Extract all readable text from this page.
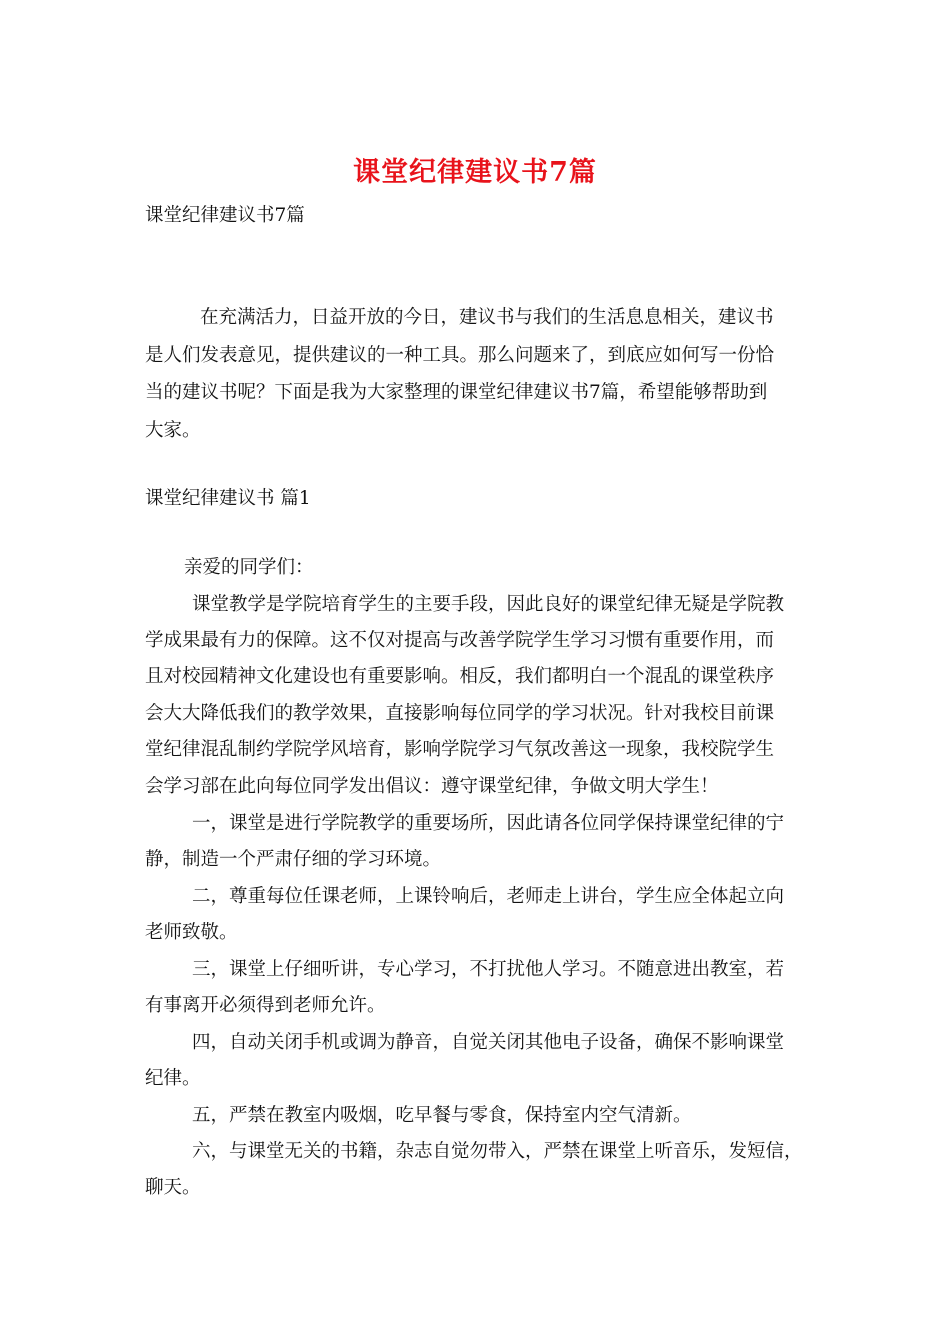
课堂纪律建议书7篇

课堂纪律建议书7篇

在充满活力，日益开放的今日，建议书与我们的生活息息相关，建议书

是人们发表意见，提供建议的一种工具。那么问题来了，到底应如何写一份恰

当的建议书呢？下面是我为大家整理的课堂纪律建议书7篇，希望能够帮助到

大家。

课堂纪律建议书 篇1

亲爱的同学们：

课堂教学是学院培育学生的主要手段，因此良好的课堂纪律无疑是学院教

学成果最有力的保障。这不仅对提高与改善学院学生学习习惯有重要作用，而

且对校园精神文化建设也有重要影响。相反，我们都明白一个混乱的课堂秩序

会大大降低我们的教学效果，直接影响每位同学的学习状况。针对我校目前课

堂纪律混乱制约学院学风培育，影响学院学习气氛改善这一现象，我校院学生

会学习部在此向每位同学发出倡议：遵守课堂纪律，争做文明大学生！

一，课堂是进行学院教学的重要场所，因此请各位同学保持课堂纪律的宁

静，制造一个严肃仔细的学习环境。

二，尊重每位任课老师，上课铃响后，老师走上讲台，学生应全体起立向

老师致敬。

三，课堂上仔细听讲，专心学习，不打扰他人学习。不随意进出教室，若

有事离开必须得到老师允许。

四，自动关闭手机或调为静音，自觉关闭其他电子设备，确保不影响课堂

纪律。

五，严禁在教室内吸烟，吃早餐与零食，保持室内空气清新。

六，与课堂无关的书籍，杂志自觉勿带入，严禁在课堂上听音乐，发短信，

聊天。
